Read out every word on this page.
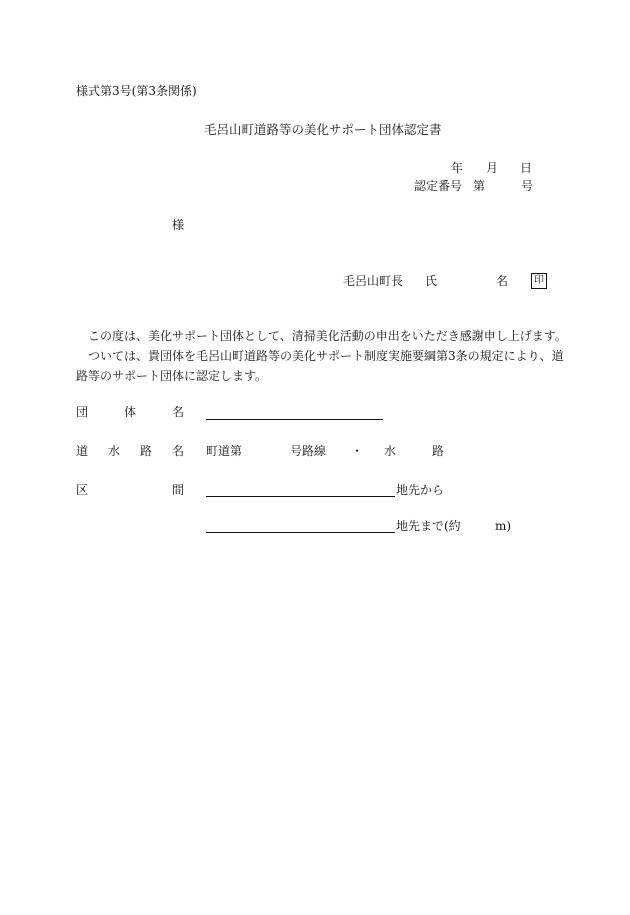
様式第3号(第3条関係)
毛呂山町道路等の美化サポート団体認定書
年 月 日
認定番号 第	号
様
毛呂山町長 氏	名	印
この度は、美化サポート団体として、清掃美化活動の申出をいただき感謝申し上げます。
ついては、貴団体を毛呂山町道路等の美化サポート制度実施要綱第3条の規定により、道
路等のサポート団体に認定します。
団	体	名
道 水 路 名 町道第	号路線 ・ 水	路
区	間	地先から
地先まで(約	m)
